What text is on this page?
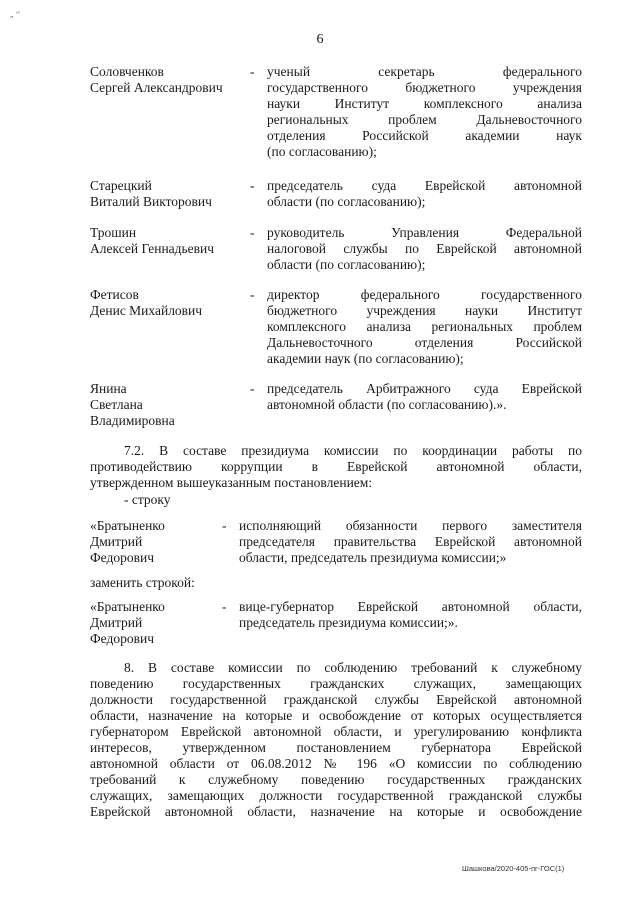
„ ’’
6
Соловченков
Сергей Александрович
- ученый секретарь федерального
государственного бюджетного учреждения
науки Институт комплексного анализа
региональных проблем Дальневосточного
отделения Российской академии наук
(по согласованию);
Старецкий
Виталий Викторович
- председатель суда Еврейской автономной
области (по согласованию);
Трошин
Алексей Геннадьевич
- руководитель Управления Федеральной
налоговой службы по Еврейской автономной
области (по согласованию);
Фетисов
Денис Михайлович
- директор федерального государственного
бюджетного учреждения науки Институт
комплексного анализа региональных проблем
Дальневосточного отделения Российской
академии наук (по согласованию);
Янина
Светлана
Владимировна
- председатель Арбитражного суда Еврейской
автономной области (по согласованию).».
7.2. В составе президиума комиссии по координации работы по
противодействию коррупции в Еврейской автономной области,
утвержденном вышеуказанным постановлением:
- строку
«Братыненко
Дмитрий
Федорович
- исполняющий обязанности первого заместителя
председателя правительства Еврейской автономной
области, председатель президиума комиссии;»
заменить строкой:
«Братыненко
Дмитрий
Федорович
- вице-губернатор Еврейской автономной области,
председатель президиума комиссии;».
8. В составе комиссии по соблюдению требований к служебному
поведению государственных гражданских служащих, замещающих
должности государственной гражданской службы Еврейской автономной
области, назначение на которые и освобождение от которых осуществляется
губернатором Еврейской автономной области, и урегулированию конфликта
интересов, утвержденном постановлением губернатора Еврейской
автономной области от 06.08.2012 № 196 «О комиссии по соблюдению
требований к служебному поведению государственных гражданских
служащих, замещающих должности государственной гражданской службы
Еврейской автономной области, назначение на которые и освобождение
Шашкова/2020-405-пг-ГОС(1)
